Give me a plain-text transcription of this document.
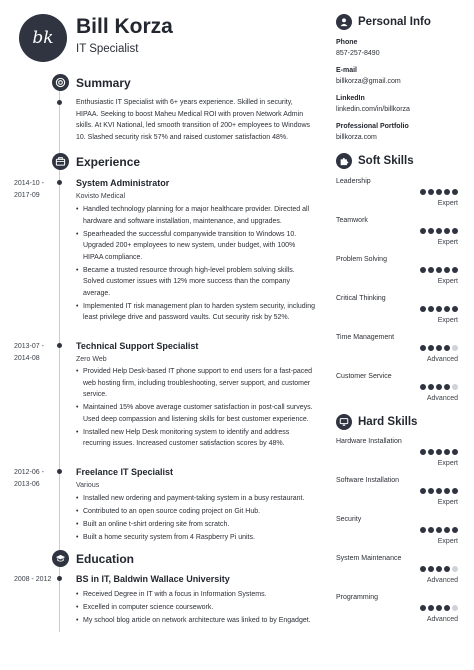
bk Bill Korza
IT Specialist
Summary
Enthusiastic IT Specialist with 6+ years experience. Skilled in security, HIPAA. Seeking to boost Maheu Medical ROI with proven Network Admin skills. At KVI National, led smooth transition of 200+ employees to Windows 10. Slashed security risk 57% and raised customer satisfaction 48%.
Experience
2014-10 - 2017-09
System Administrator
Kovisto Medical
• Handled technology planning for a major healthcare provider. Directed all hardware and software installation, maintenance, and upgrades.
• Spearheaded the successful companywide transition to Windows 10. Upgraded 200+ employees to new system, under budget, with 100% HIPAA compliance.
• Became a trusted resource through high-level problem solving skills. Solved customer issues with 12% more success than the company average.
• Implemented IT risk management plan to harden system security, including least privilege drive and password vaults. Cut security risk by 52%.
2013-07 - 2014-08
Technical Support Specialist
Zero Web
• Provided Help Desk-based IT phone support to end users for a fast-paced web hosting firm, including troubleshooting, server support, and customer service.
• Maintained 15% above average customer satisfaction in post-call surveys. Used deep compassion and listening skills for best customer experience.
• Installed new Help Desk monitoring system to identify and address recurring issues. Increased customer satisfaction scores by 48%.
2012-06 - 2013-06
Freelance IT Specialist
Various
• Installed new ordering and payment-taking system in a busy restaurant.
• Contributed to an open source coding project on Git Hub.
• Built an online t-shirt ordering site from scratch.
• Built a home security system from 4 Raspberry Pi units.
Education
2008 - 2012	BS in IT, Baldwin Wallace University
• Received Degree in IT with a focus in Information Systems.
• Excelled in computer science coursework.
• My school blog article on network architecture was linked to by Engadget.
Personal Info
Phone
857-257-8490
E-mail
billkorza@gmail.com
LinkedIn
linkedin.com/in/billkorza
Professional Portfolio
billkorza.com
Soft Skills
Leadership
Expert
Teamwork
Expert
Problem Solving
Expert
Critical Thinking
Expert
Time Management
Advanced
Customer Service
Advanced
Hard Skills
Hardware Installation
Expert
Software Installation
Expert
Security
Expert
System Maintenance
Advanced
Programming
Advanced
